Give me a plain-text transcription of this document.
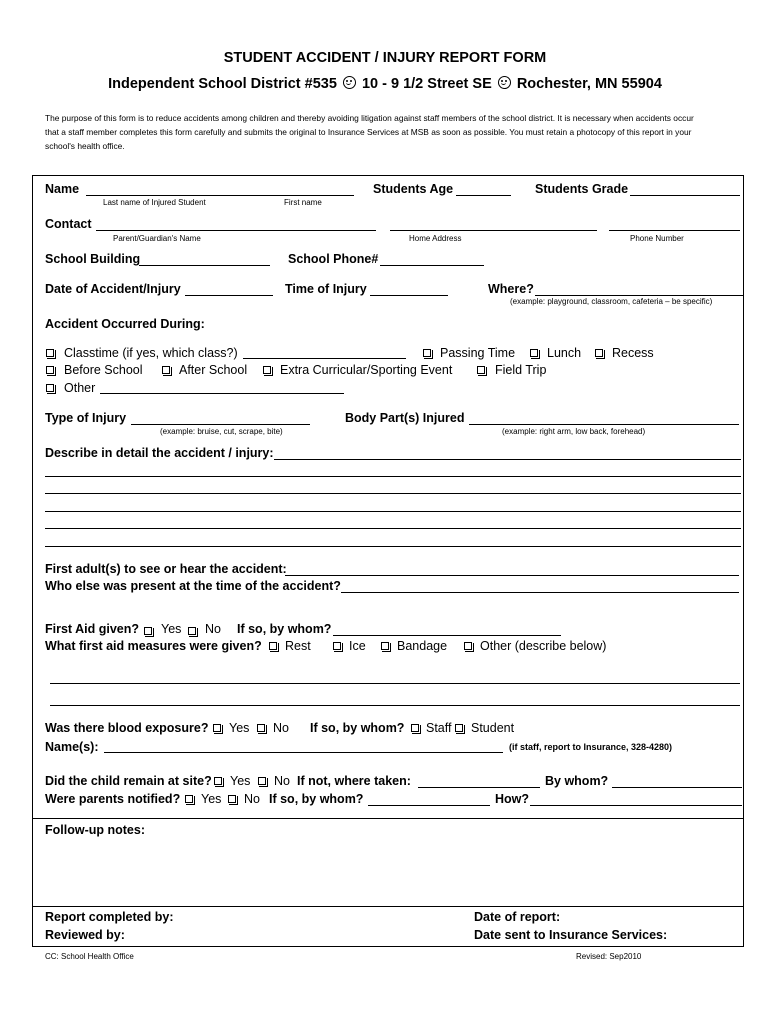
STUDENT ACCIDENT / INJURY REPORT FORM
Independent School District #535 10 - 9 1/2 Street SE Rochester, MN 55904
The purpose of this form is to reduce accidents among children and thereby avoiding litigation against staff members of the school district. It is necessary when accidents occur that a staff member completes this form carefully and submits the original to Insurance Services at MSB as soon as possible. You must retain a photocopy of this report in your school's health office.
Name
Last name of Injured Student	First name
Students Age	Students Grade
Contact
Parent/Guardian's Name	Home Address	Phone Number
School Building	School Phone#
Date of Accident/Injury	Time of Injury	Where?
(example: playground, classroom, cafeteria – be specific)
Accident Occurred During:
Classtime (if yes, which class?)	Passing Time	Lunch Recess
Before School	After School	Extra Curricular/Sporting Event	Field Trip
Other
Type of Injury
(example: bruise, cut, scrape, bite)
Body Part(s) Injured
(example: right arm, low back, forehead)
Describe in detail the accident / injury:
First adult(s) to see or hear the accident:
Who else was present at the time of the accident?
First Aid given? Yes No If so, by whom?
What first aid measures were given? Rest	Ice	Bandage	Other (describe below)
Was there blood exposure? Yes No If so, by whom? Staff Student
Name(s):	(if staff, report to Insurance, 328-4280)
Did the child remain at site? Yes No If not, where taken:	By whom?
Were parents notified? Yes No If so, by whom?	How?
Follow-up notes:
Report completed by:	Date of report:
Reviewed by:	Date sent to Insurance Services:
CC: School Health Office	Revised: Sep2010
